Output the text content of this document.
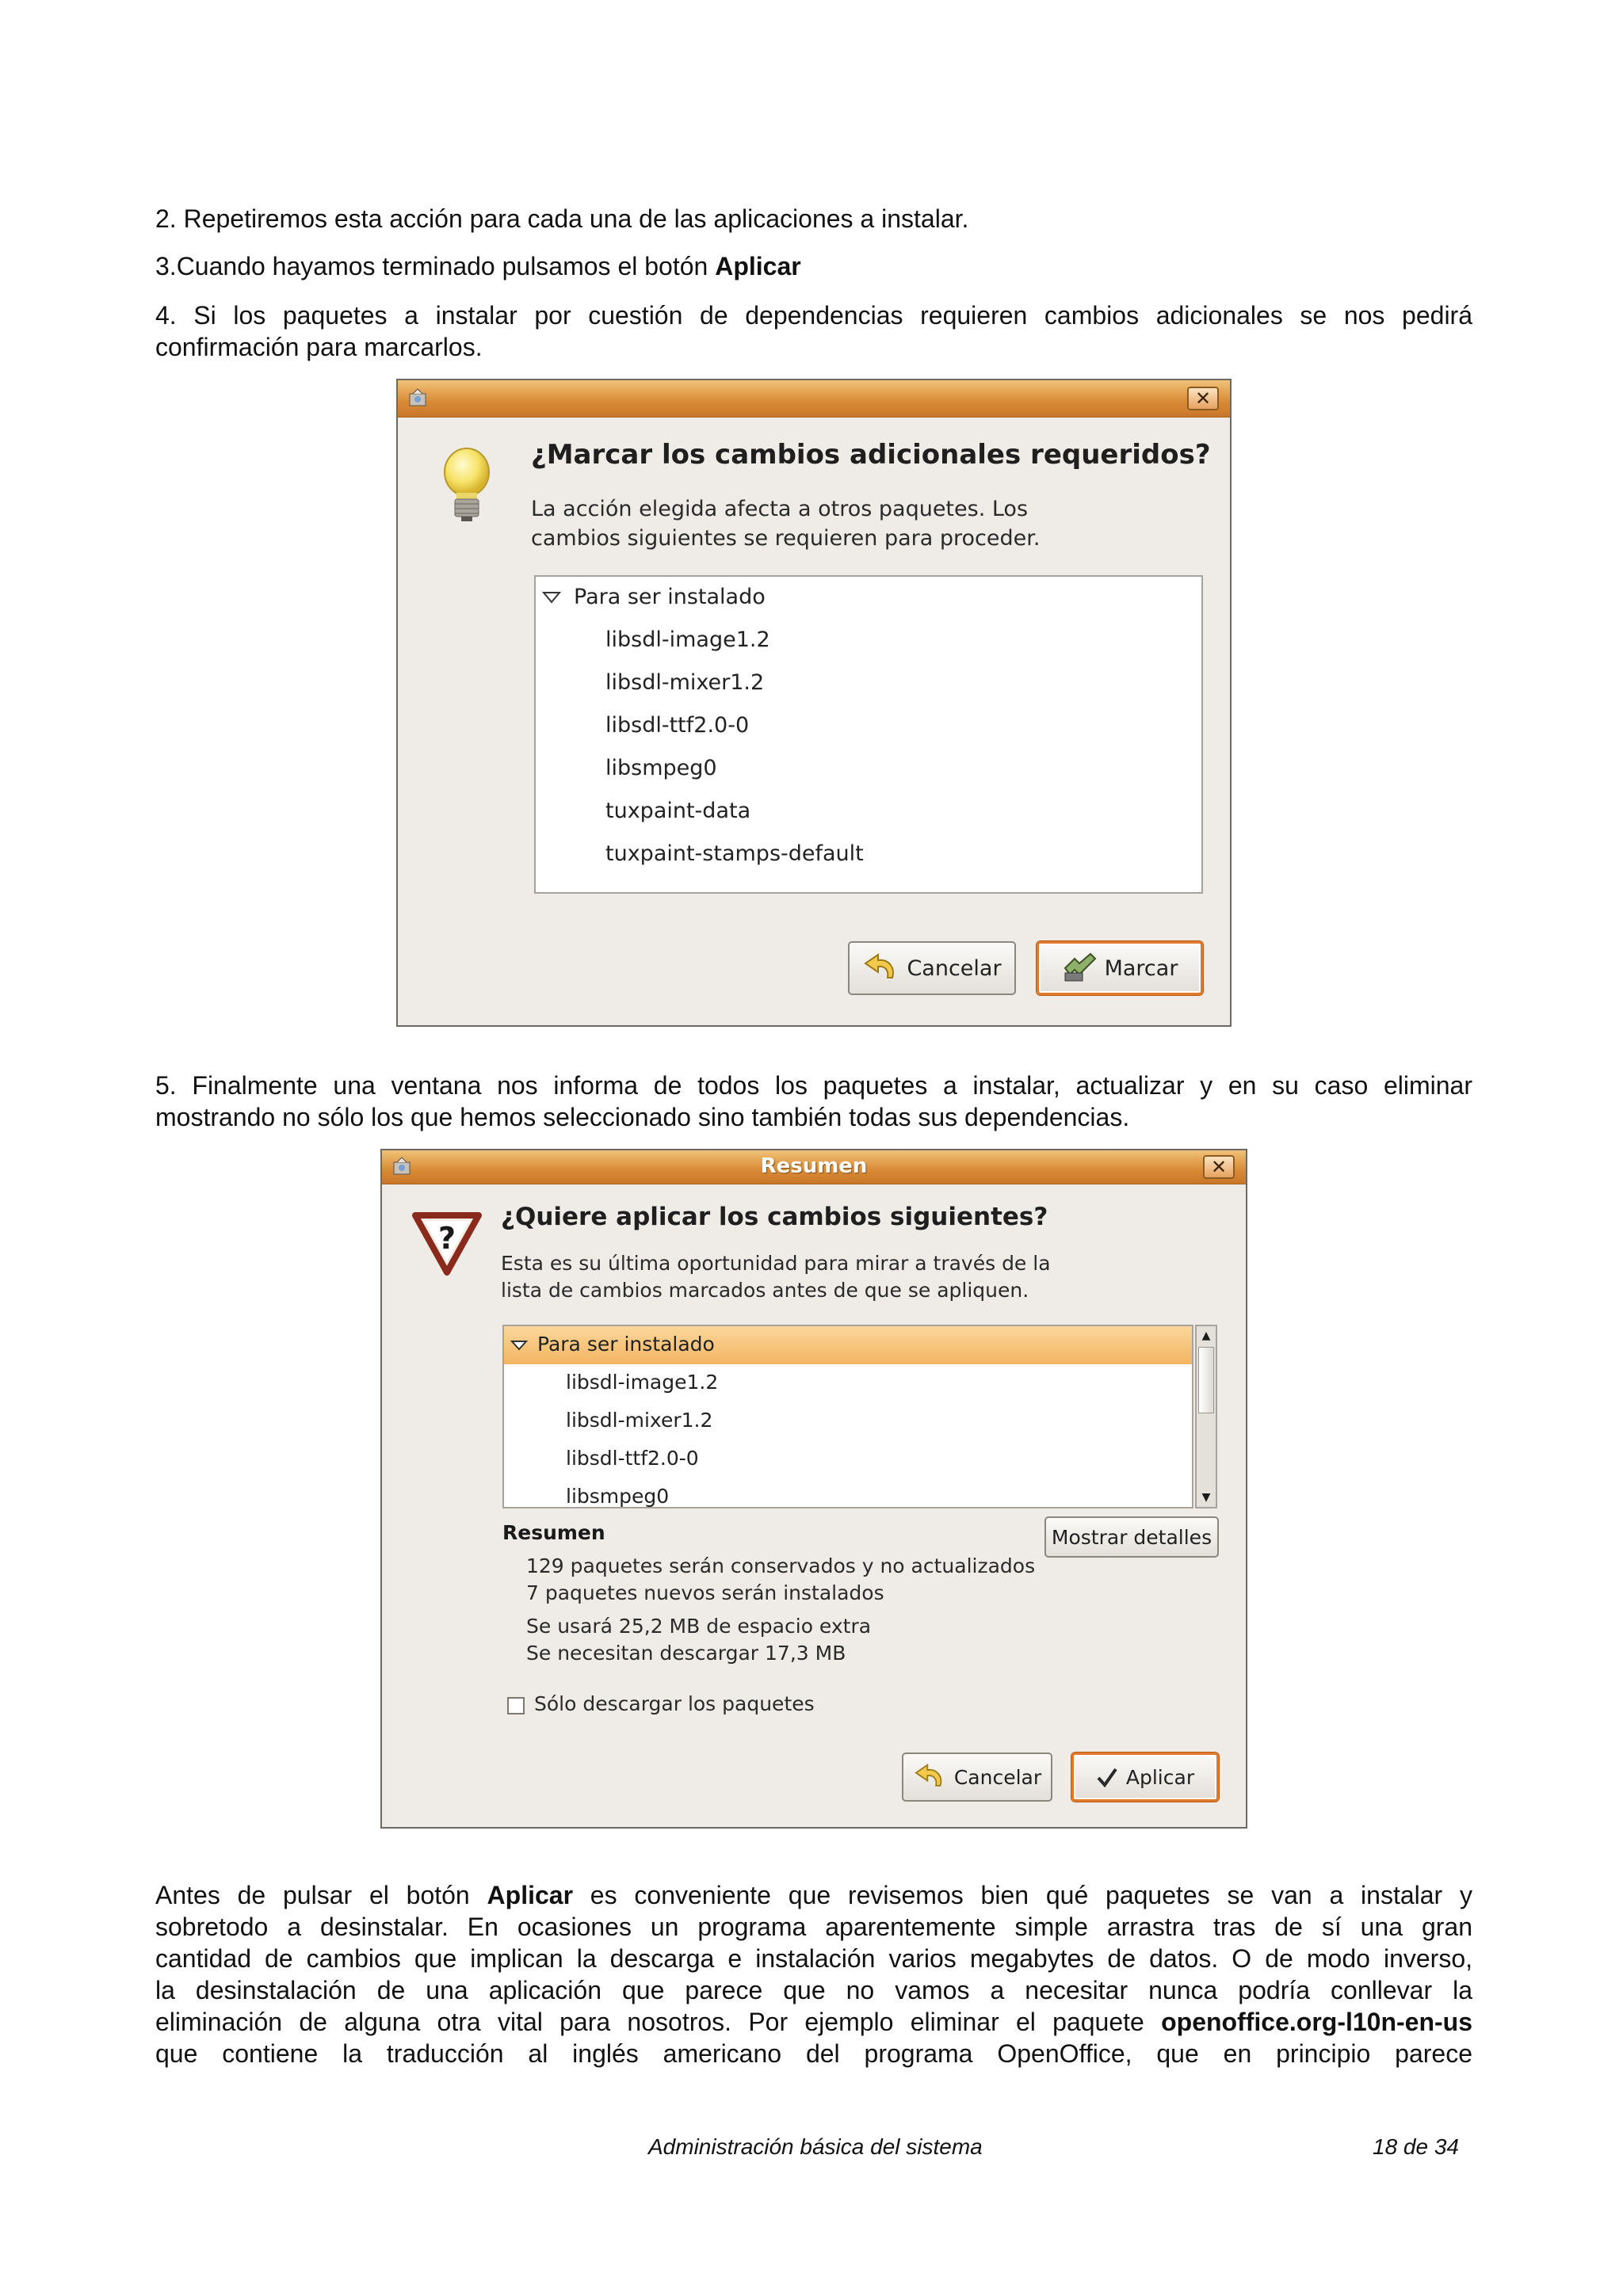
2. Repetiremos esta acción para cada una de las aplicaciones a instalar.

3.Cuando hayamos terminado pulsamos el botón Aplicar

4. Si los paquetes a instalar por cuestión de dependencias requieren cambios adicionales se nos pedirá
confirmación para marcarlos.
✕
¿Marcar los cambios adicionales requeridos?
La acción elegida afecta a otros paquetes. Los
cambios siguientes se requieren para proceder.
Para ser instalado
libsdl-image1.2
libsdl-mixer1.2
libsdl-ttf2.0-0
libsmpeg0
tuxpaint-data
tuxpaint-stamps-default
Cancelar	Marcar
5. Finalmente una ventana nos informa de todos los paquetes a instalar, actualizar y en su caso eliminar
mostrando no sólo los que hemos seleccionado sino también todas sus dependencias.
Resumen	✕
?
¿Quiere aplicar los cambios siguientes?
Esta es su última oportunidad para mirar a través de la
lista de cambios marcados antes de que se apliquen.
Para ser instalado
libsdl-image1.2
libsdl-mixer1.2
libsdl-ttf2.0-0
libsmpeg0
▲
▼
Resumen	Mostrar detalles
129 paquetes serán conservados y no actualizados
7 paquetes nuevos serán instalados
Se usará 25,2 MB de espacio extra
Se necesitan descargar 17,3 MB
Sólo descargar los paquetes
Cancelar	Aplicar
Antes de pulsar el botón Aplicar es conveniente que revisemos bien qué paquetes se van a instalar y
sobretodo a desinstalar. En ocasiones un programa aparentemente simple arrastra tras de sí una gran
cantidad de cambios que implican la descarga e instalación varios megabytes de datos. O de modo inverso,
la desinstalación de una aplicación que parece que no vamos a necesitar nunca podría conllevar la
eliminación de alguna otra vital para nosotros. Por ejemplo eliminar el paquete openoffice.org-l10n-en-us
que contiene la traducción al inglés americano del programa OpenOffice, que en principio parece
Administración básica del sistema	18 de 34
